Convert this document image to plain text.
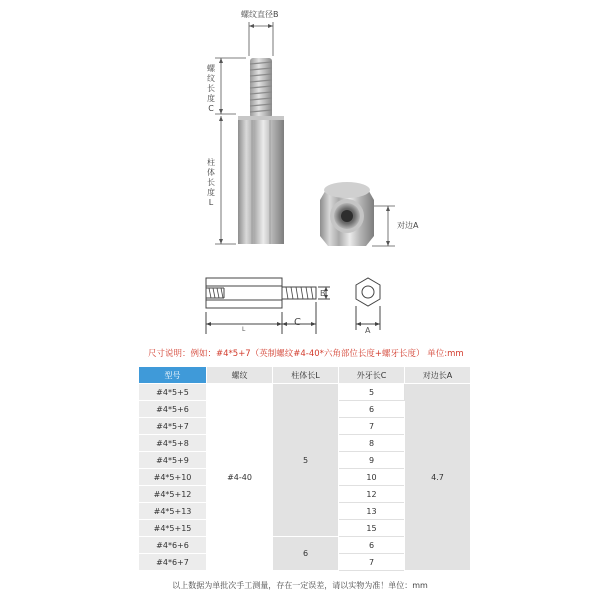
螺纹直径B
螺
纹
长
度
C
柱
体
长
度
L
对边A
B
L
C
A
尺寸说明：例如：#4*5+7（英制螺纹#4-40*六角部位长度+螺牙长度） 单位:mm
型号	螺纹	柱体长L	外牙长C	对边长A
#4*5+5	#4-40	5	5	4.7
#4*5+6			6	
#4*5+7			7	
#4*5+8			8	
#4*5+9			9	
#4*5+10			10	
#4*5+12			12	
#4*5+13			13	
#4*5+15			15	
#4*6+6		6	6	
#4*6+7			7	
以上数据为单批次手工测量，存在一定误差，请以实物为准！单位：mm
